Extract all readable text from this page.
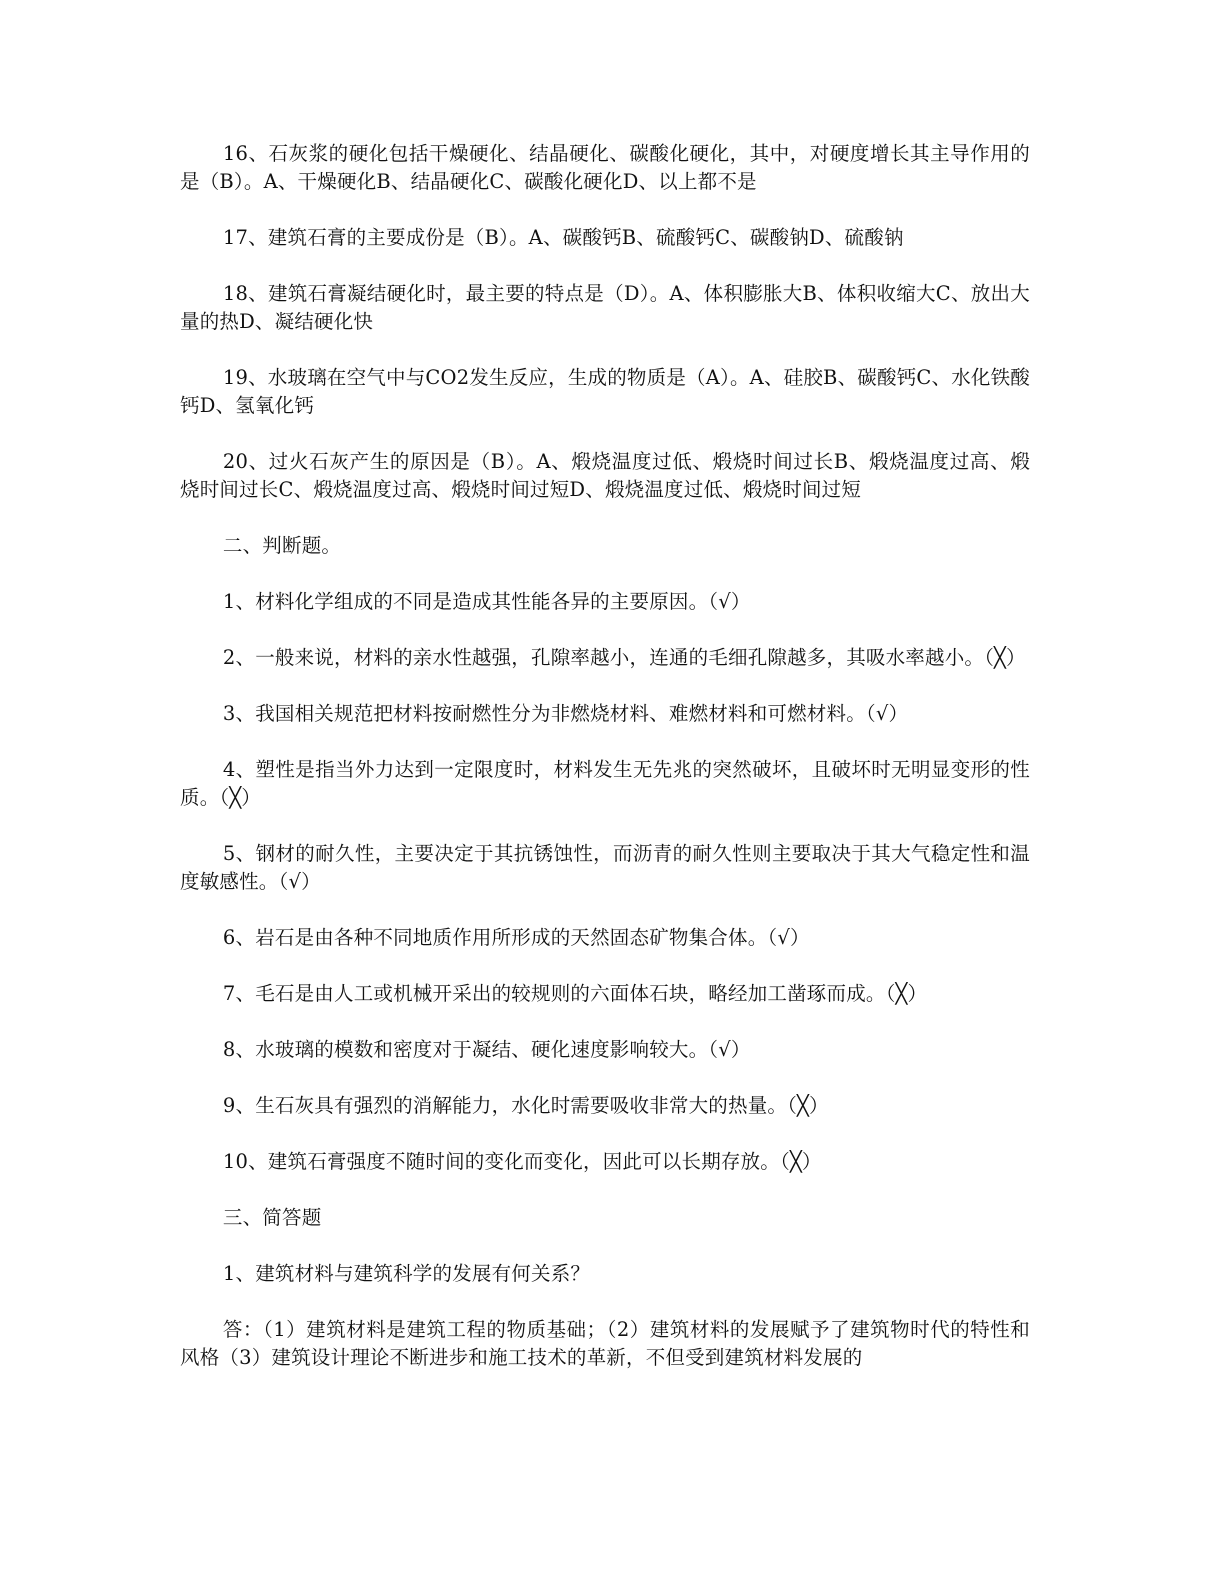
16、石灰浆的硬化包括干燥硬化、结晶硬化、碳酸化硬化，其中，对硬度增长其主导作用的是（B）。A、干燥硬化B、结晶硬化C、碳酸化硬化D、以上都不是

17、建筑石膏的主要成份是（B）。A、碳酸钙B、硫酸钙C、碳酸钠D、硫酸钠

18、建筑石膏凝结硬化时，最主要的特点是（D）。A、体积膨胀大B、体积收缩大C、放出大量的热D、凝结硬化快

19、水玻璃在空气中与CO2发生反应，生成的物质是（A）。A、硅胶B、碳酸钙C、水化铁酸钙D、氢氧化钙

20、过火石灰产生的原因是（B）。A、煅烧温度过低、煅烧时间过长B、煅烧温度过高、煅烧时间过长C、煅烧温度过高、煅烧时间过短D、煅烧温度过低、煅烧时间过短

二、判断题。

1、材料化学组成的不同是造成其性能各异的主要原因。（√）

2、一般来说，材料的亲水性越强，孔隙率越小，连通的毛细孔隙越多，其吸水率越小。（╳）

3、我国相关规范把材料按耐燃性分为非燃烧材料、难燃材料和可燃材料。（√）

4、塑性是指当外力达到一定限度时，材料发生无先兆的突然破坏，且破坏时无明显变形的性质。（╳）

5、钢材的耐久性，主要决定于其抗锈蚀性，而沥青的耐久性则主要取决于其大气稳定性和温度敏感性。（√）

6、岩石是由各种不同地质作用所形成的天然固态矿物集合体。（√）

7、毛石是由人工或机械开采出的较规则的六面体石块，略经加工凿琢而成。（╳）

8、水玻璃的模数和密度对于凝结、硬化速度影响较大。（√）

9、生石灰具有强烈的消解能力，水化时需要吸收非常大的热量。（╳）

10、建筑石膏强度不随时间的变化而变化，因此可以长期存放。（╳）

三、简答题

1、建筑材料与建筑科学的发展有何关系？

答：（1）建筑材料是建筑工程的物质基础；（2）建筑材料的发展赋予了建筑物时代的特性和风格（3）建筑设计理论不断进步和施工技术的革新，不但受到建筑材料发展的
